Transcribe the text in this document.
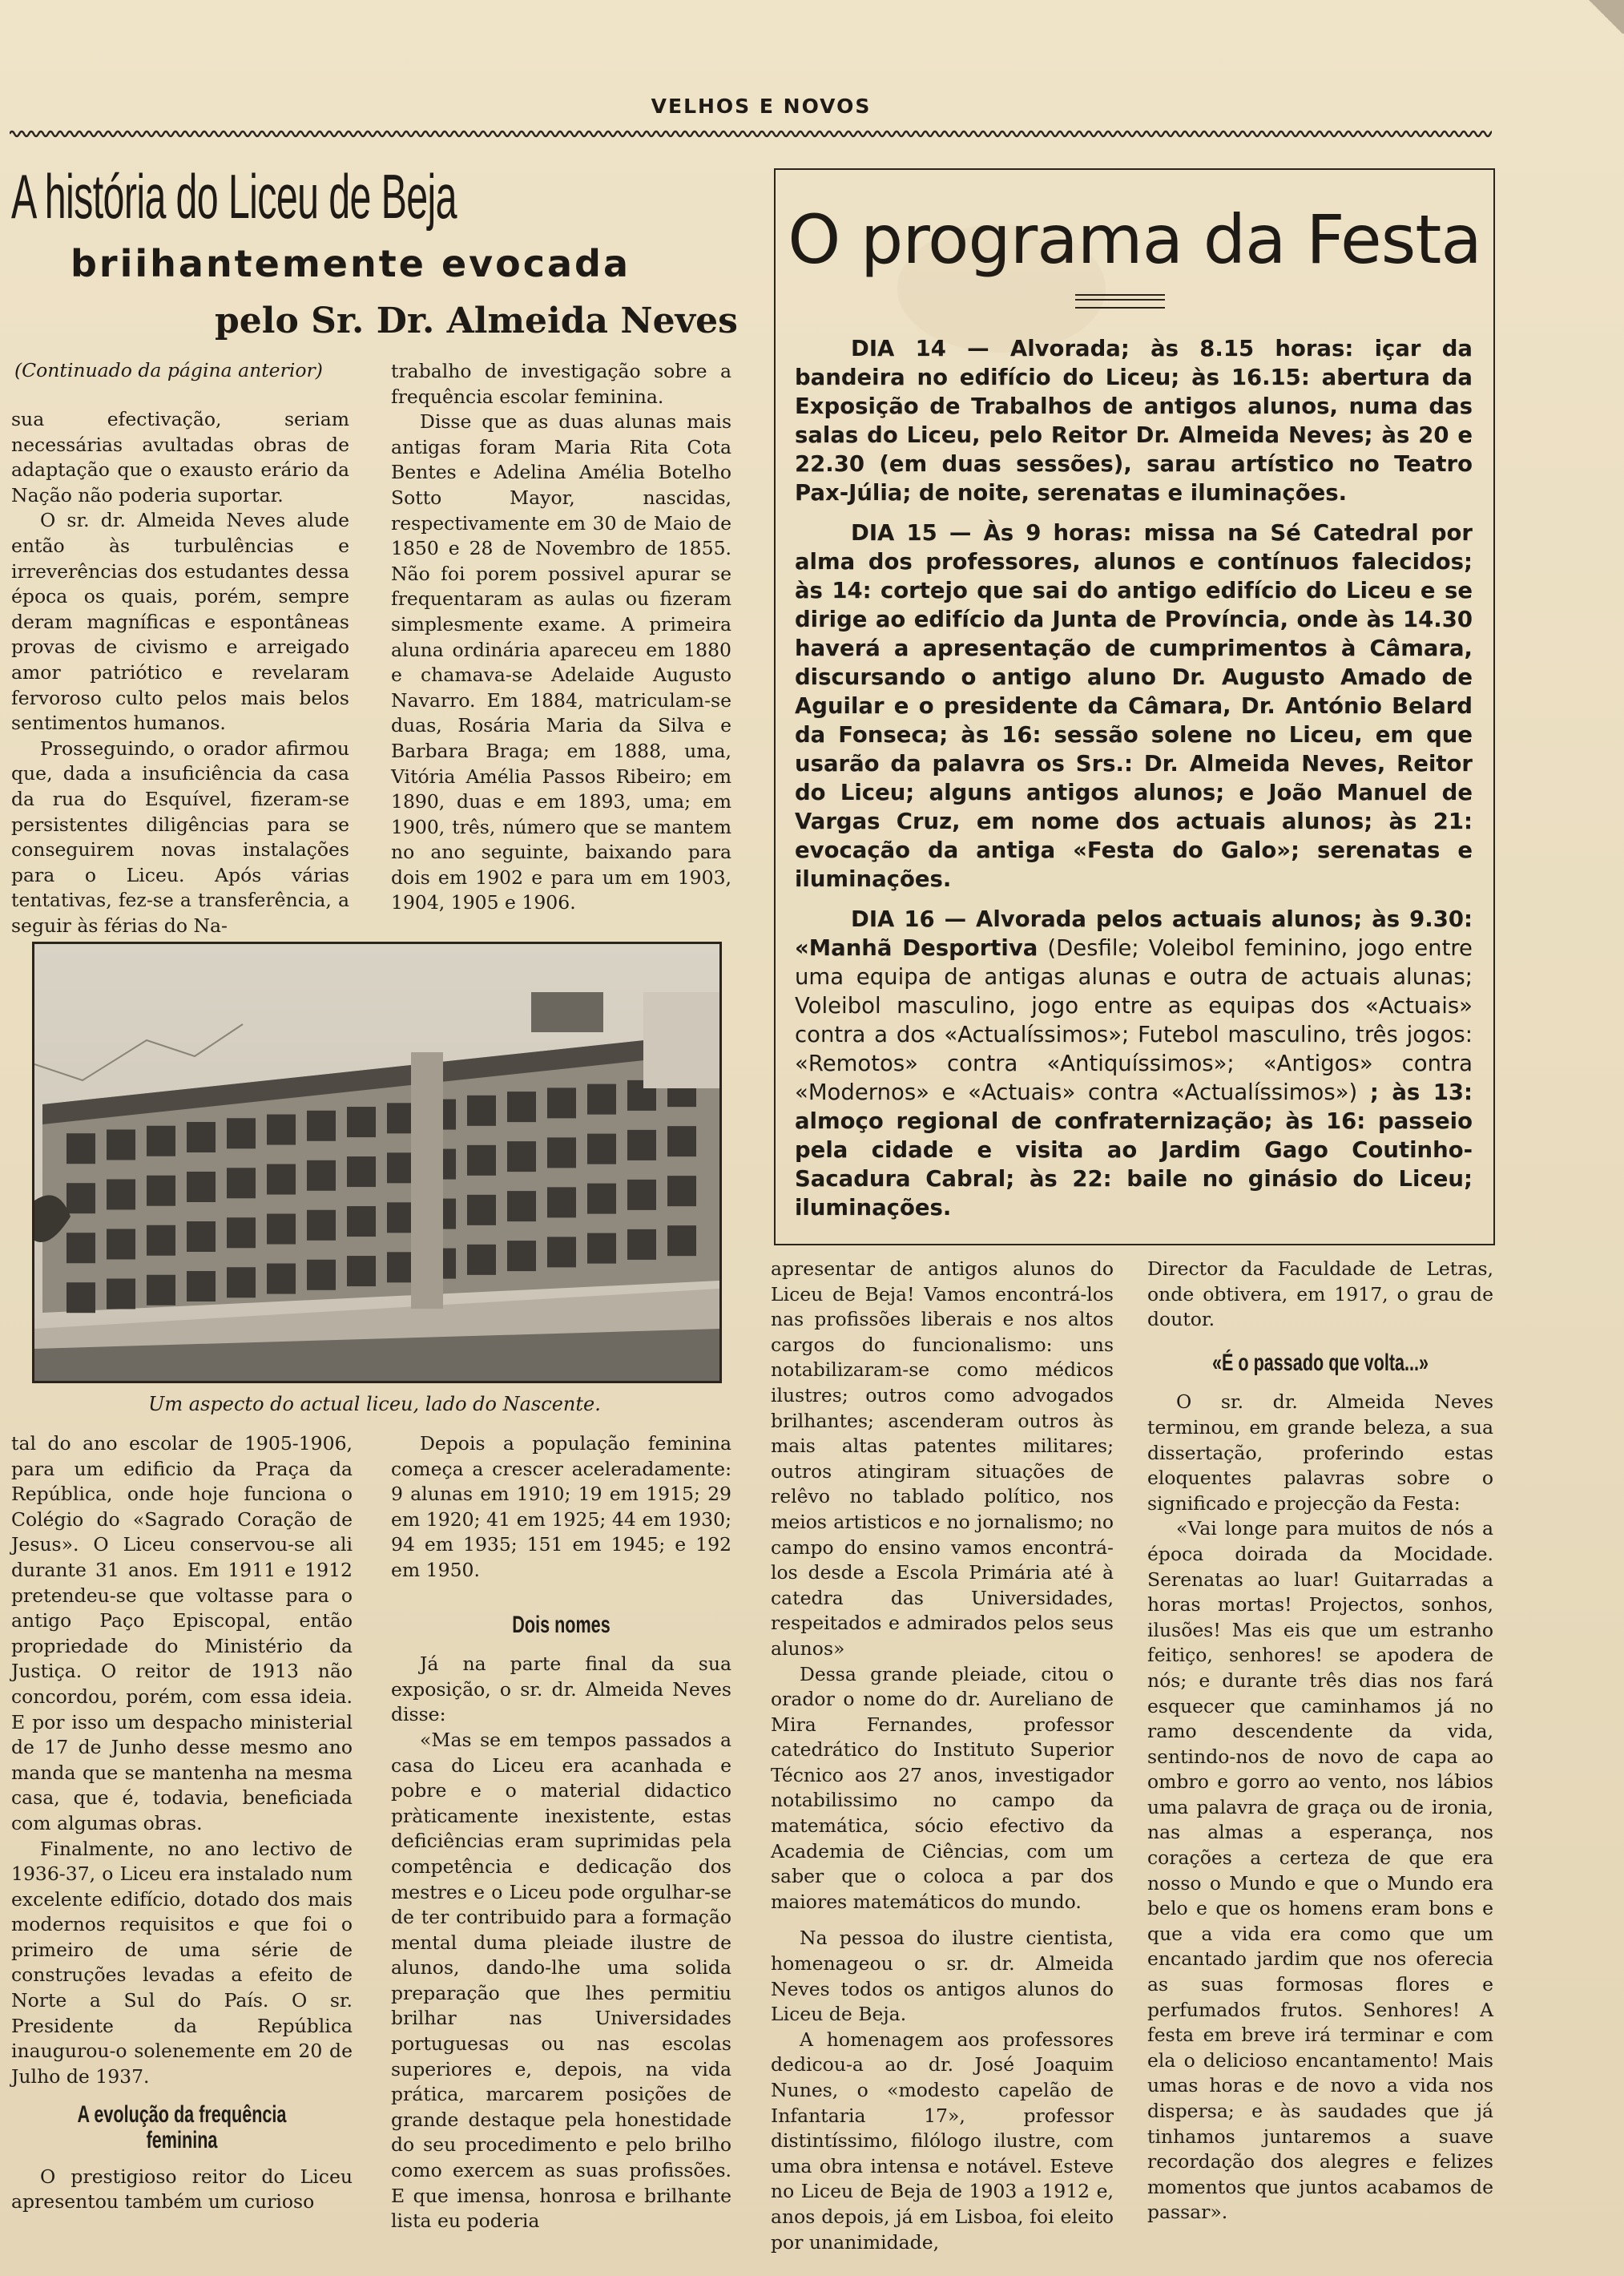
VELHOS E NOVOS
A história do Liceu de Beja
briihantemente evocada
pelo Sr. Dr. Almeida Neves
(Continuado da página anterior)

sua efectivação, seriam necessárias avultadas obras de adaptação que o exausto erário da Nação não poderia suportar.

O sr. dr. Almeida Neves alude então às turbulências e irreverências dos estudantes dessa época os quais, porém, sempre deram magníficas e espontâneas provas de civismo e arreigado amor patriótico e revelaram fervoroso culto pelos mais belos sentimentos humanos.

Prosseguindo, o orador afirmou que, dada a insuficiência da casa da rua do Esquível, fizeram-se persistentes diligências para se conseguirem novas instalações para o Liceu. Após várias tentativas, fez-se a transferência, a seguir às férias do Na-

trabalho de investigação sobre a frequência escolar feminina.

Disse que as duas alunas mais antigas foram Maria Rita Cota Bentes e Adelina Amélia Botelho Sotto Mayor, nascidas, respectivamente em 30 de Maio de 1850 e 28 de Novembro de 1855. Não foi porem possivel apurar se frequentaram as aulas ou fizeram simplesmente exame. A primeira aluna ordinária apareceu em 1880 e chamava-se Adelaide Augusto Navarro. Em 1884, matriculam-se duas, Rosária Maria da Silva e Barbara Braga; em 1888, uma, Vitória Amélia Passos Ribeiro; em 1890, duas e em 1893, uma; em 1900, três, número que se mantem no ano seguinte, baixando para dois em 1902 e para um em 1903, 1904, 1905 e 1906.

Um aspecto do actual liceu, lado do Nascente.

tal do ano escolar de 1905-1906, para um edificio da Praça da República, onde hoje funciona o Colégio do «Sagrado Coração de Jesus». O Liceu conservou-se ali durante 31 anos. Em 1911 e 1912 pretendeu-se que voltasse para o antigo Paço Episcopal, então propriedade do Ministério da Justiça. O reitor de 1913 não concordou, porém, com essa ideia. E por isso um despacho ministerial de 17 de Junho desse mesmo ano manda que se mantenha na mesma casa, que é, todavia, beneficiada com algumas obras.

Finalmente, no ano lectivo de 1936-37, o Liceu era instalado num excelente edifício, dotado dos mais modernos requisitos e que foi o primeiro de uma série de construções levadas a efeito de Norte a Sul do País. O sr. Presidente da República inaugurou-o solenemente em 20 de Julho de 1937.

A evolução da frequência feminina

O prestigioso reitor do Liceu apresentou também um curioso

Depois a população feminina começa a crescer aceleradamente: 9 alunas em 1910; 19 em 1915; 29 em 1920; 41 em 1925; 44 em 1930; 94 em 1935; 151 em 1945; e 192 em 1950.

Dois nomes

Já na parte final da sua exposição, o sr. dr. Almeida Neves disse:

«Mas se em tempos passados a casa do Liceu era acanhada e pobre e o material didactico pràticamente inexistente, estas deficiências eram suprimidas pela competência e dedicação dos mestres e o Liceu pode orgulhar-se de ter contribuido para a formação mental duma pleiade ilustre de alunos, dando-lhe uma solida preparação que lhes permitiu brilhar nas Universidades portuguesas ou nas escolas superiores e, depois, na vida prática, marcarem posições de grande destaque pela honestidade do seu procedimento e pelo brilho como exercem as suas profissões. E que imensa, honrosa e brilhante lista eu poderia

apresentar de antigos alunos do Liceu de Beja! Vamos encontrá-los nas profissões liberais e nos altos cargos do funcionalismo: uns notabilizaram-se como médicos ilustres; outros como advogados brilhantes; ascenderam outros às mais altas patentes militares; outros atingiram situações de relêvo no tablado político, nos meios artisticos e no jornalismo; no campo do ensino vamos encontrá-los desde a Escola Primária até à catedra das Universidades, respeitados e admirados pelos seus alunos»

Dessa grande pleiade, citou o orador o nome do dr. Aureliano de Mira Fernandes, professor catedrático do Instituto Superior Técnico aos 27 anos, investigador notabilissimo no campo da matemática, sócio efectivo da Academia de Ciências, com um saber que o coloca a par dos maiores matemáticos do mundo.

Na pessoa do ilustre cientista, homenageou o sr. dr. Almeida Neves todos os antigos alunos do Liceu de Beja.

A homenagem aos professores dedicou-a ao dr. José Joaquim Nunes, o «modesto capelão de Infantaria 17», professor distintíssimo, filólogo ilustre, com uma obra intensa e notável. Esteve no Liceu de Beja de 1903 a 1912 e, anos depois, já em Lisboa, foi eleito por unanimidade,

Director da Faculdade de Letras, onde obtivera, em 1917, o grau de doutor.

«É o passado que volta...»

O sr. dr. Almeida Neves terminou, em grande beleza, a sua dissertação, proferindo estas eloquentes palavras sobre o significado e projecção da Festa:

«Vai longe para muitos de nós a época doirada da Mocidade. Serenatas ao luar! Guitarradas a horas mortas! Projectos, sonhos, ilusões! Mas eis que um estranho feitiço, senhores! se apodera de nós; e durante três dias nos fará esquecer que caminhamos já no ramo descendente da vida, sentindo-nos de novo de capa ao ombro e gorro ao vento, nos lábios uma palavra de graça ou de ironia, nas almas a esperança, nos corações a certeza de que era nosso o Mundo e que o Mundo era belo e que os homens eram bons e que a vida era como que um encantado jardim que nos oferecia as suas formosas flores e perfumados frutos. Senhores! A festa em breve irá terminar e com ela o delicioso encantamento! Mais umas horas e de novo a vida nos dispersa; e às saudades que já tinhamos juntaremos a suave recordação dos alegres e felizes momentos que juntos acabamos de passar».

O programa da Festa

DIA 14 — Alvorada; às 8.15 horas: içar da bandeira no edifício do Liceu; às 16.15: abertura da Exposição de Trabalhos de antigos alunos, numa das salas do Liceu, pelo Reitor Dr. Almeida Neves; às 20 e 22.30 (em duas sessões), sarau artístico no Teatro Pax-Júlia; de noite, serenatas e iluminações.

DIA 15 — Às 9 horas: missa na Sé Catedral por alma dos professores, alunos e contínuos falecidos; às 14: cortejo que sai do antigo edifício do Liceu e se dirige ao edifício da Junta de Província, onde às 14.30 haverá a apresentação de cumprimentos à Câmara, discursando o antigo aluno Dr. Augusto Amado de Aguilar e o presidente da Câmara, Dr. António Belard da Fonseca; às 16: sessão solene no Liceu, em que usarão da palavra os Srs.: Dr. Almeida Neves, Reitor do Liceu; alguns antigos alunos; e João Manuel de Vargas Cruz, em nome dos actuais alunos; às 21: evocação da antiga «Festa do Galo»; serenatas e iluminações.

DIA 16 — Alvorada pelos actuais alunos; às 9.30: «Manhã Desportiva (Desfile; Voleibol feminino, jogo entre uma equipa de antigas alunas e outra de actuais alunas; Voleibol masculino, jogo entre as equipas dos «Actuais» contra a dos «Actualíssimos»; Futebol masculino, três jogos: «Remotos» contra «Antiquíssimos»; «Antigos» contra «Modernos» e «Actuais» contra «Actualíssimos») ; às 13: almoço regional de confraternização; às 16: passeio pela cidade e visita ao Jardim Gago Coutinho-Sacadura Cabral; às 22: baile no ginásio do Liceu; iluminações.
